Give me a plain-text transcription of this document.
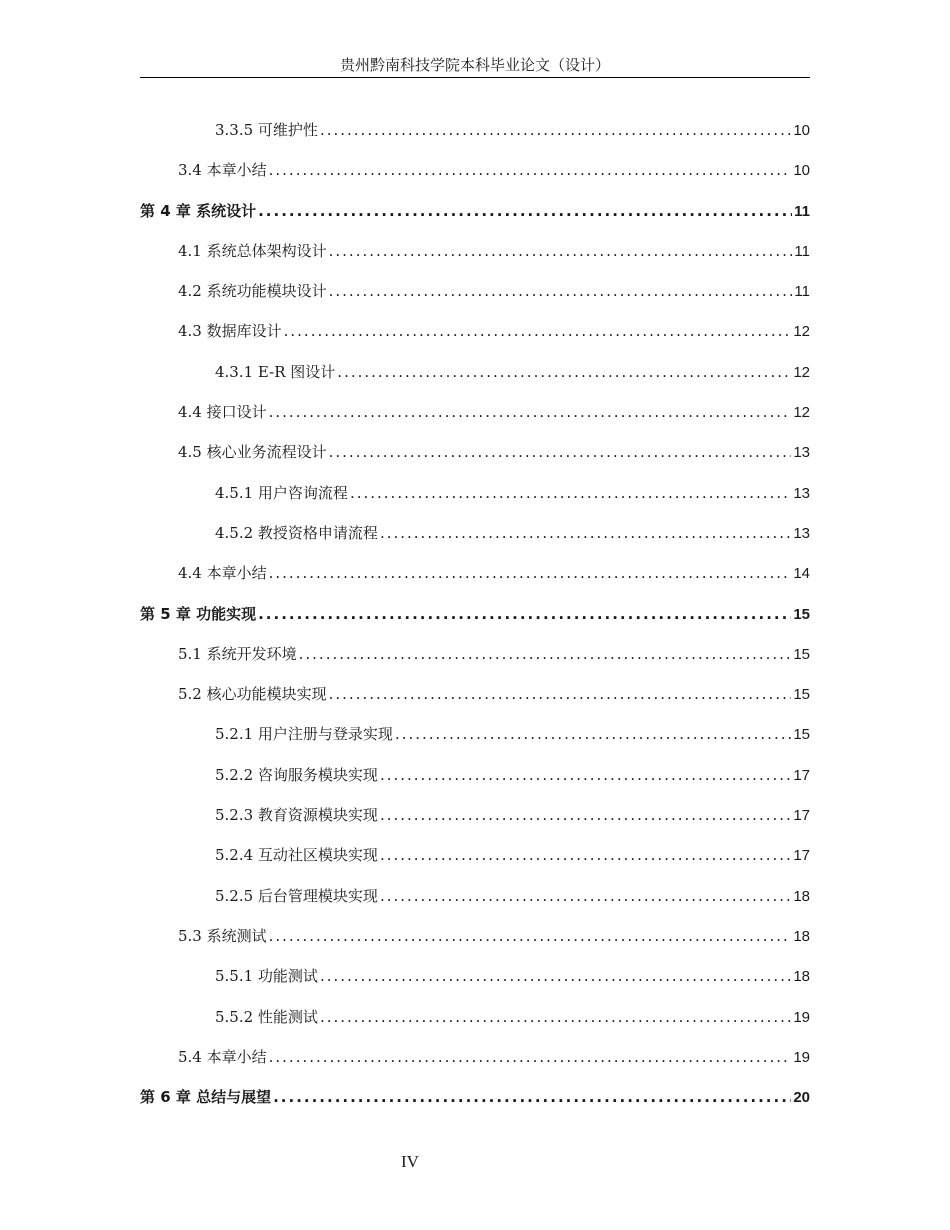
贵州黔南科技学院本科毕业论文（设计）
3.3.5 可维护性 .....	10
3.4 本章小结 .....	10
第 4 章 系统设计 .....	11
4.1 系统总体架构设计 .....	11
4.2 系统功能模块设计 .....	11
4.3 数据库设计 .....	12
4.3.1 E-R 图设计 .....	12
4.4 接口设计 .....	12
4.5 核心业务流程设计 .....	13
4.5.1 用户咨询流程 .....	13
4.5.2 教授资格申请流程 .....	13
4.4 本章小结 .....	14
第 5 章 功能实现 .....	15
5.1 系统开发环境 .....	15
5.2 核心功能模块实现 .....	15
5.2.1 用户注册与登录实现 .....	15
5.2.2 咨询服务模块实现 .....	17
5.2.3 教育资源模块实现 .....	17
5.2.4 互动社区模块实现 .....	17
5.2.5 后台管理模块实现 .....	18
5.3 系统测试 .....	18
5.5.1 功能测试 .....	18
5.5.2 性能测试 .....	19
5.4 本章小结 .....	19
第 6 章 总结与展望 .....	20
IV
